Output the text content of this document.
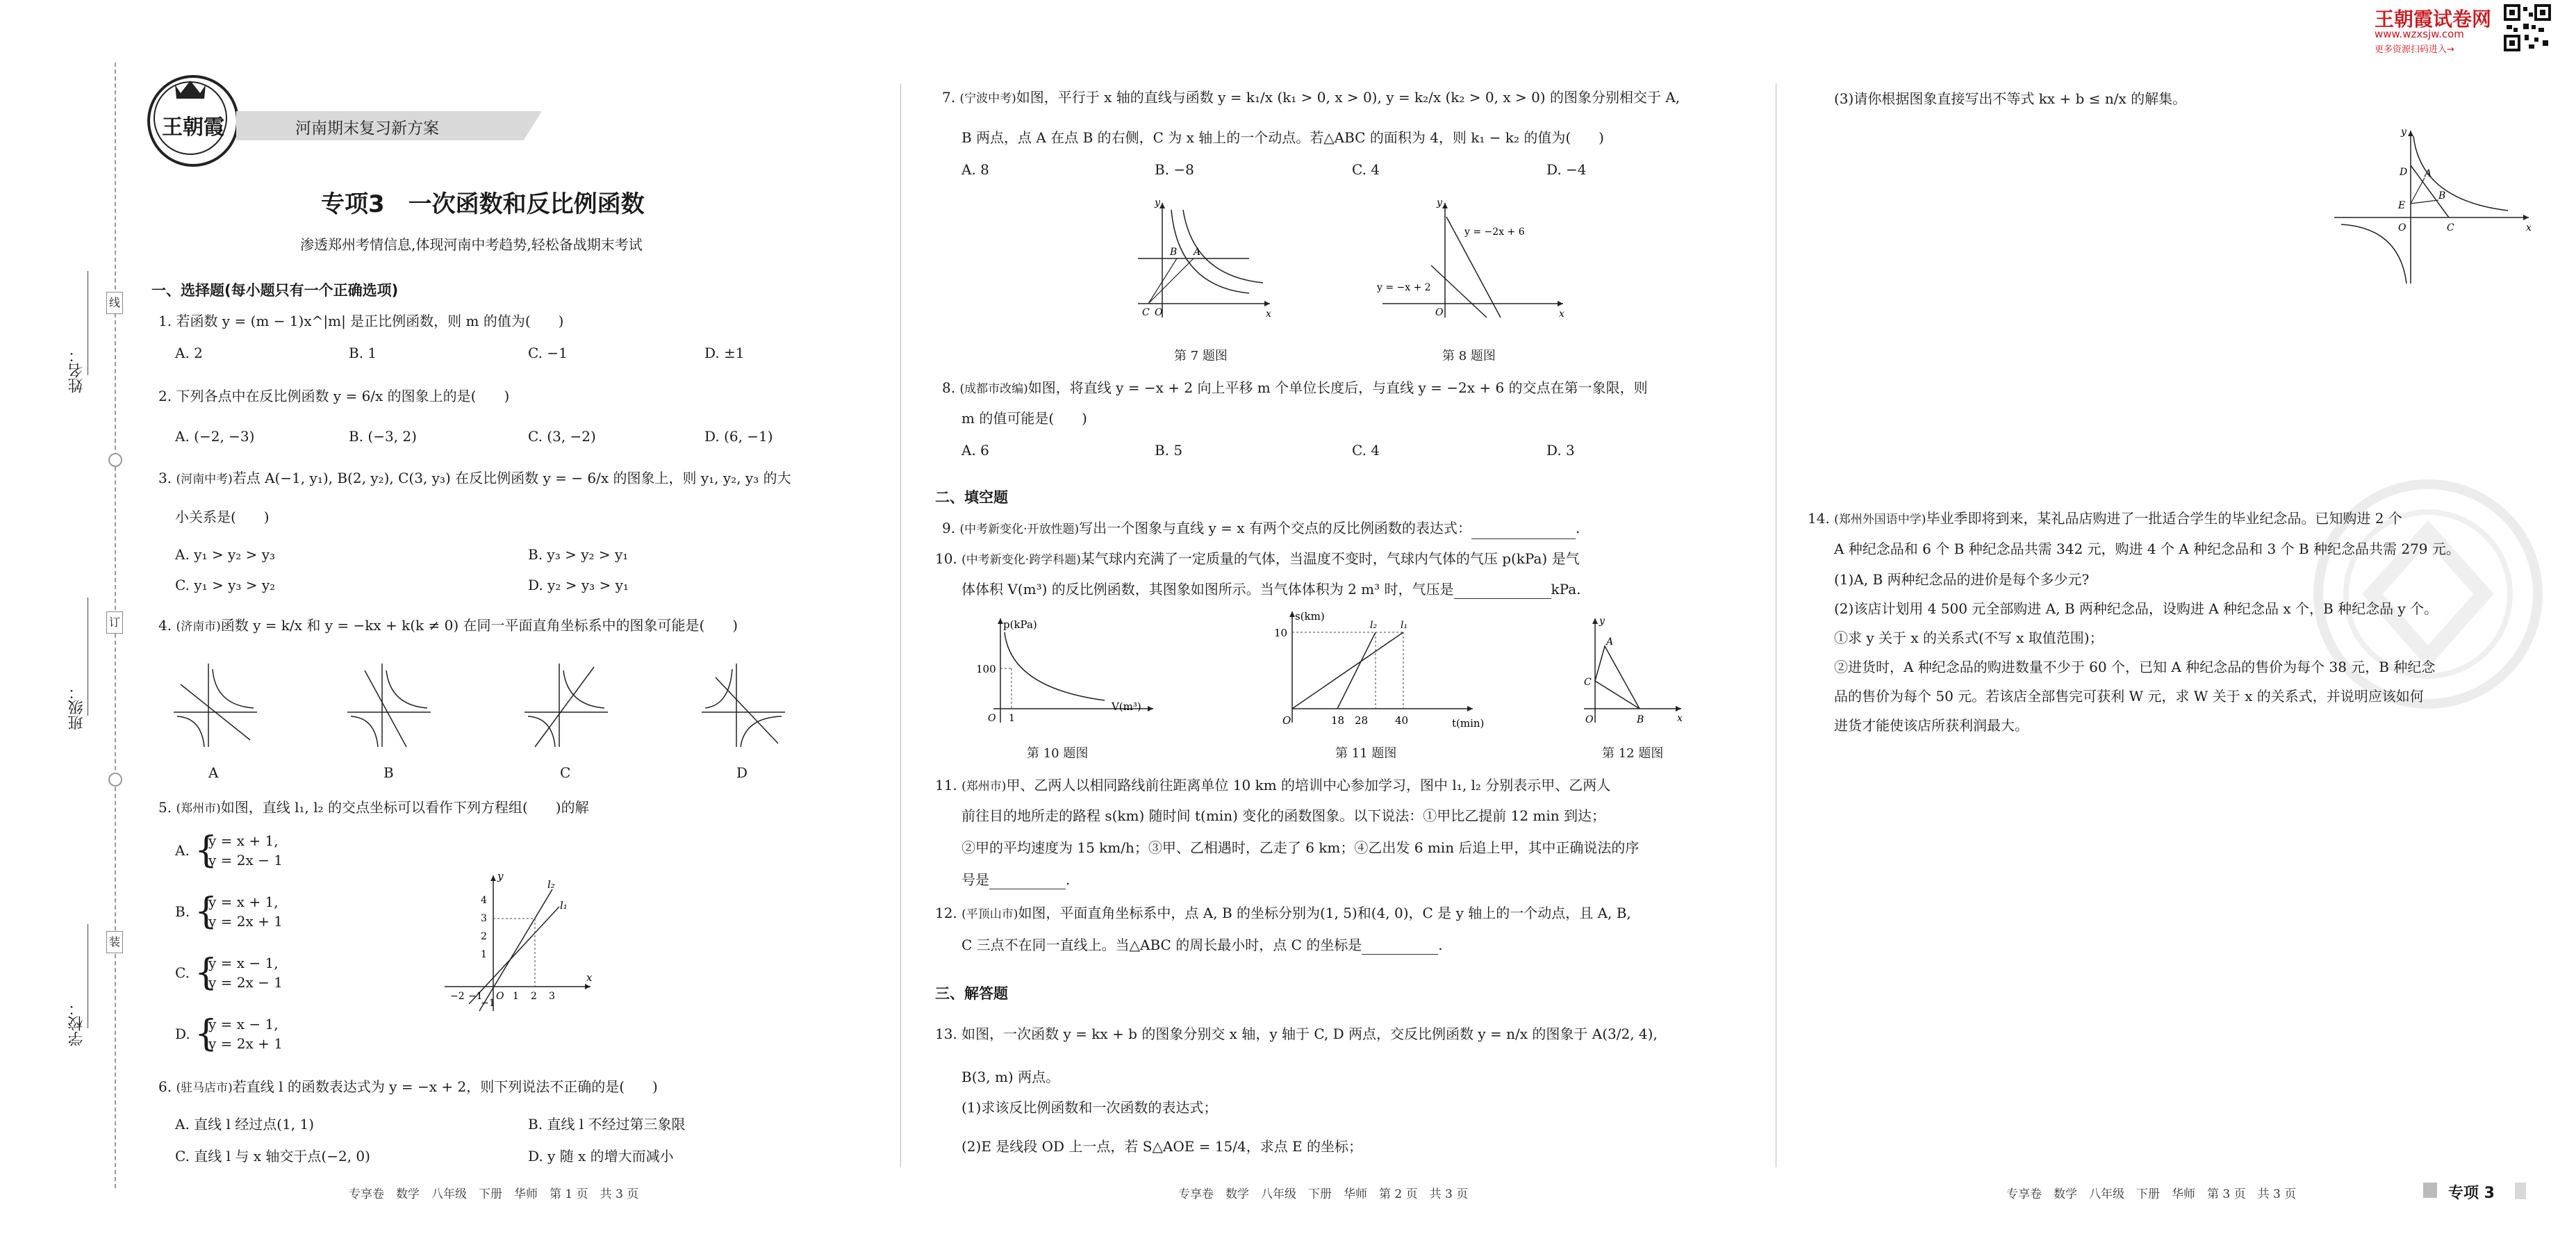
姓名：
班级：
学校：
线
订
装
王朝霞	河南期末复习新方案
专项3　一次函数和反比例函数
渗透郑州考情信息,体现河南中考趋势,轻松备战期末考试
一、选择题(每小题只有一个正确选项)
1. 若函数 y = (m − 1)x^|m| 是正比例函数，则 m 的值为(　　)
A. 2	B. 1	C. −1	D. ±1
2. 下列各点中在反比例函数 y = 6/x 的图象上的是(　　)
A. (−2, −3)	B. (−3, 2)	C. (3, −2)	D. (6, −1)
3. (河南中考)若点 A(−1, y₁), B(2, y₂), C(3, y₃) 在反比例函数 y = − 6/x 的图象上，则 y₁, y₂, y₃ 的大
小关系是(　　)
A. y₁ > y₂ > y₃	B. y₃ > y₂ > y₁
C. y₁ > y₃ > y₂	D. y₂ > y₃ > y₁
4. (济南市)函数 y = k/x 和 y = −kx + k(k ≠ 0) 在同一平面直角坐标系中的图象可能是(　　)
A	B	C	D
5. (郑州市)如图，直线 l₁, l₂ 的交点坐标可以看作下列方程组(　　)的解
A. {
y = x + 1,
y = 2x − 1
B. {
y = x + 1,
y = 2x + 1
C. {
y = x − 1,
y = 2x − 1
D. {
y = x − 1,
y = 2x + 1
y
x
l₂
l₁
4
3
2
1
−2 −1 O 1 2 3
−1
6. (驻马店市)若直线 l 的函数表达式为 y = −x + 2，则下列说法不正确的是(　　)
A. 直线 l 经过点(1, 1)	B. 直线 l 不经过第三象限
C. 直线 l 与 x 轴交于点(−2, 0)	D. y 随 x 的增大而减小
专享卷　数学　八年级　下册　华师　第 1 页　共 3 页
7. (宁波中考)如图，平行于 x 轴的直线与函数 y = k₁/x (k₁ > 0, x > 0), y = k₂/x (k₂ > 0, x > 0) 的图象分别相交于 A,
B 两点，点 A 在点 B 的右侧，C 为 x 轴上的一个动点。若△ABC 的面积为 4，则 k₁ − k₂ 的值为(　　)
A. 8	B. −8	C. 4	D. −4
y
x
B A
C O
第 7 题图
y
x
y = −2x + 6
y = −x + 2
O
第 8 题图
8. (成都市改编)如图，将直线 y = −x + 2 向上平移 m 个单位长度后，与直线 y = −2x + 6 的交点在第一象限，则
m 的值可能是(　　)
A. 6	B. 5	C. 4	D. 3
二、填空题
9. (中考新变化·开放性题)写出一个图象与直线 y = x 有两个交点的反比例函数的表达式：	.
10. (中考新变化·跨学科题)某气球内充满了一定质量的气体，当温度不变时，气球内气体的气压 p(kPa) 是气
体体积 V(m³) 的反比例函数，其图象如图所示。当气体体积为 2 m³ 时，气压是	kPa.
p(kPa)
V(m³)
100
O 1
第 10 题图
s(km)
t(min)
l₂ l₁
10
O	18 28	40
第 11 题图
y
x
A
C
B
O
第 12 题图
11. (郑州市)甲、乙两人以相同路线前往距离单位 10 km 的培训中心参加学习，图中 l₁, l₂ 分别表示甲、乙两人
前往目的地所走的路程 s(km) 随时间 t(min) 变化的函数图象。以下说法：①甲比乙提前 12 min 到达；
②甲的平均速度为 15 km/h；③甲、乙相遇时，乙走了 6 km；④乙出发 6 min 后追上甲，其中正确说法的序
号是	.
12. (平顶山市)如图，平面直角坐标系中，点 A, B 的坐标分别为(1, 5)和(4, 0)，C 是 y 轴上的一个动点，且 A, B,
C 三点不在同一直线上。当△ABC 的周长最小时，点 C 的坐标是	.
三、解答题
13. 如图，一次函数 y = kx + b 的图象分别交 x 轴，y 轴于 C, D 两点，交反比例函数 y = n/x 的图象于 A(3/2, 4),
B(3, m) 两点。
(1)求该反比例函数和一次函数的表达式；
(2)E 是线段 OD 上一点，若 S△AOE = 15/4，求点 E 的坐标；
专享卷　数学　八年级　下册　华师　第 2 页　共 3 页
(3)请你根据图象直接写出不等式 kx + b ≤ n/x 的解集。
y
x
D A
E
B
O	C
14. (郑州外国语中学)毕业季即将到来，某礼品店购进了一批适合学生的毕业纪念品。已知购进 2 个
A 种纪念品和 6 个 B 种纪念品共需 342 元，购进 4 个 A 种纪念品和 3 个 B 种纪念品共需 279 元。
(1)A, B 两种纪念品的进价是每个多少元?
(2)该店计划用 4 500 元全部购进 A, B 两种纪念品，设购进 A 种纪念品 x 个，B 种纪念品 y 个。
①求 y 关于 x 的关系式(不写 x 取值范围)；
②进货时，A 种纪念品的购进数量不少于 60 个，已知 A 种纪念品的售价为每个 38 元，B 种纪念
品的售价为每个 50 元。若该店全部售完可获利 W 元，求 W 关于 x 的关系式，并说明应该如何
进货才能使该店所获利润最大。
专享卷　数学　八年级　下册　华师　第 3 页　共 3 页	专项 3
王朝霞试卷网
www.wzxsjw.com
更多资源扫码进入→
